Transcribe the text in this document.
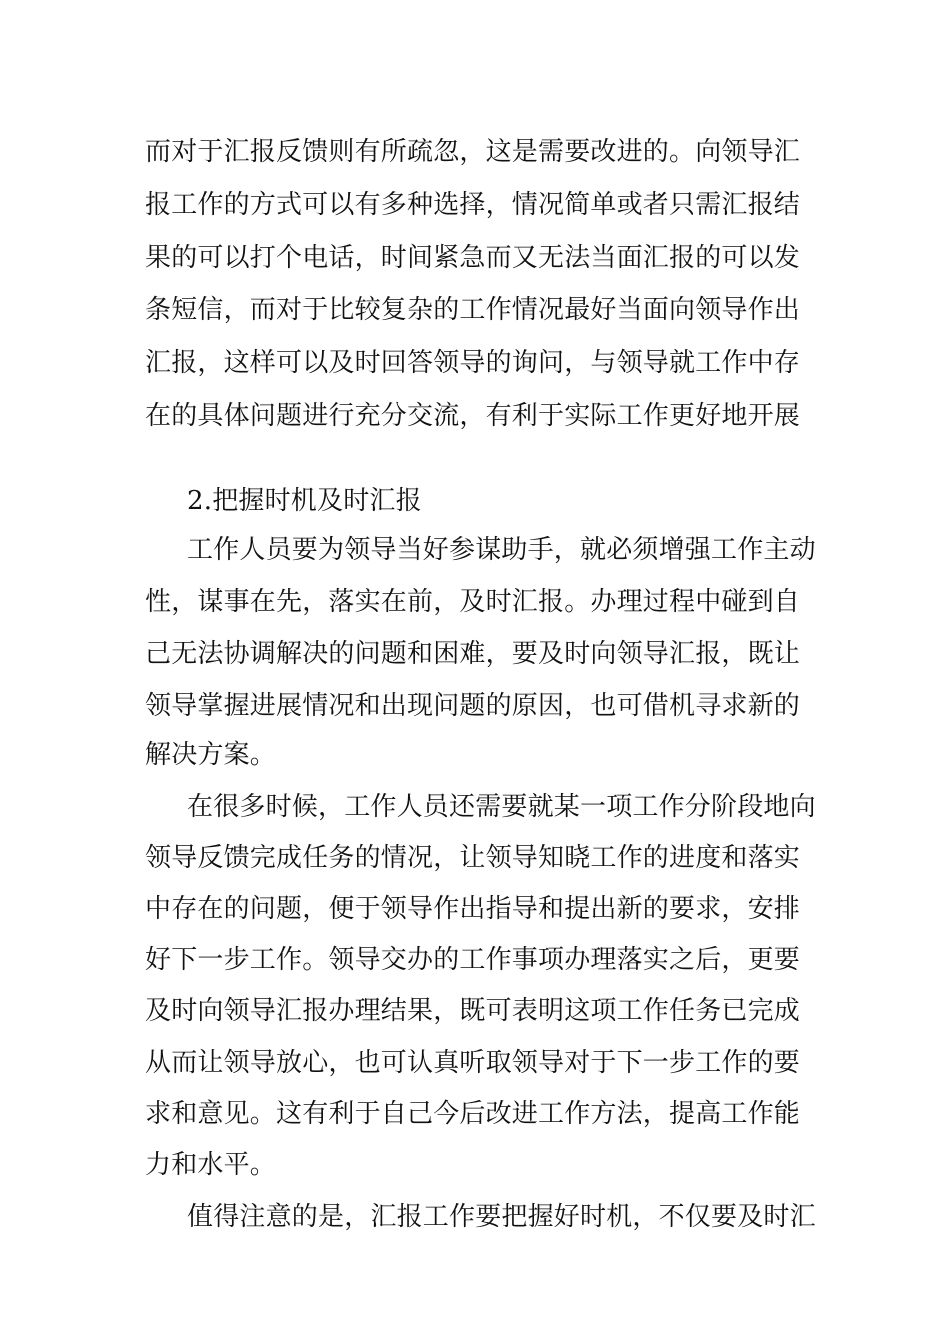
而对于汇报反馈则有所疏忽，这是需要改进的。向领导汇
报工作的方式可以有多种选择，情况简单或者只需汇报结
果的可以打个电话，时间紧急而又无法当面汇报的可以发
条短信，而对于比较复杂的工作情况最好当面向领导作出
汇报，这样可以及时回答领导的询问，与领导就工作中存
在的具体问题进行充分交流，有利于实际工作更好地开展
2.把握时机及时汇报
工作人员要为领导当好参谋助手，就必须增强工作主动
性，谋事在先，落实在前，及时汇报。办理过程中碰到自
己无法协调解决的问题和困难，要及时向领导汇报，既让
领导掌握进展情况和出现问题的原因，也可借机寻求新的
解决方案。
在很多时候，工作人员还需要就某一项工作分阶段地向
领导反馈完成任务的情况，让领导知晓工作的进度和落实
中存在的问题，便于领导作出指导和提出新的要求，安排
好下一步工作。领导交办的工作事项办理落实之后，更要
及时向领导汇报办理结果，既可表明这项工作任务已完成
从而让领导放心，也可认真听取领导对于下一步工作的要
求和意见。这有利于自己今后改进工作方法，提高工作能
力和水平。
值得注意的是，汇报工作要把握好时机，不仅要及时汇
